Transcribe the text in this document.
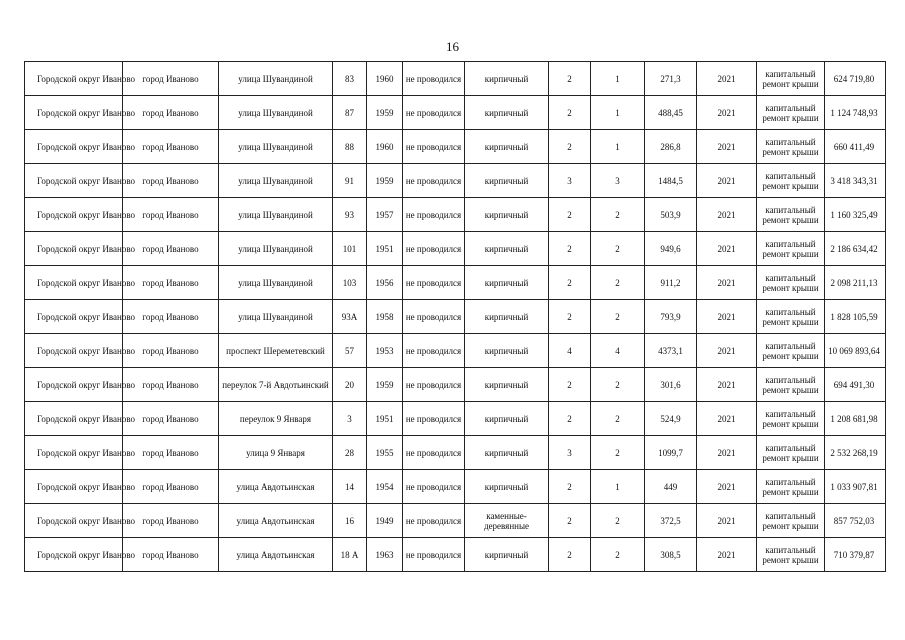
16
Городской округ Иваново	город Иваново	улица Шувандиной	83	1960	не проводился	кирпичный	2	1	271,3	2021	капитальный ремонт крыши	624 719,80
Городской округ Иваново	город Иваново	улица Шувандиной	87	1959	не проводился	кирпичный	2	1	488,45	2021	капитальный ремонт крыши	1 124 748,93
Городской округ Иваново	город Иваново	улица Шувандиной	88	1960	не проводился	кирпичный	2	1	286,8	2021	капитальный ремонт крыши	660 411,49
Городской округ Иваново	город Иваново	улица Шувандиной	91	1959	не проводился	кирпичный	3	3	1484,5	2021	капитальный ремонт крыши	3 418 343,31
Городской округ Иваново	город Иваново	улица Шувандиной	93	1957	не проводился	кирпичный	2	2	503,9	2021	капитальный ремонт крыши	1 160 325,49
Городской округ Иваново	город Иваново	улица Шувандиной	101	1951	не проводился	кирпичный	2	2	949,6	2021	капитальный ремонт крыши	2 186 634,42
Городской округ Иваново	город Иваново	улица Шувандиной	103	1956	не проводился	кирпичный	2	2	911,2	2021	капитальный ремонт крыши	2 098 211,13
Городской округ Иваново	город Иваново	улица Шувандиной	93А	1958	не проводился	кирпичный	2	2	793,9	2021	капитальный ремонт крыши	1 828 105,59
Городской округ Иваново	город Иваново	проспект Шереметевский	57	1953	не проводился	кирпичный	4	4	4373,1	2021	капитальный ремонт крыши	10 069 893,64
Городской округ Иваново	город Иваново	переулок 7-й Авдотьинский	20	1959	не проводился	кирпичный	2	2	301,6	2021	капитальный ремонт крыши	694 491,30
Городской округ Иваново	город Иваново	переулок 9 Января	3	1951	не проводился	кирпичный	2	2	524,9	2021	капитальный ремонт крыши	1 208 681,98
Городской округ Иваново	город Иваново	улица 9 Января	28	1955	не проводился	кирпичный	3	2	1099,7	2021	капитальный ремонт крыши	2 532 268,19
Городской округ Иваново	город Иваново	улица Авдотьинская	14	1954	не проводился	кирпичный	2	1	449	2021	капитальный ремонт крыши	1 033 907,81
Городской округ Иваново	город Иваново	улица Авдотьинская	16	1949	не проводился	каменные-деревянные	2	2	372,5	2021	капитальный ремонт крыши	857 752,03
Городской округ Иваново	город Иваново	улица Авдотьинская	18 А	1963	не проводился	кирпичный	2	2	308,5	2021	капитальный ремонт крыши	710 379,87
